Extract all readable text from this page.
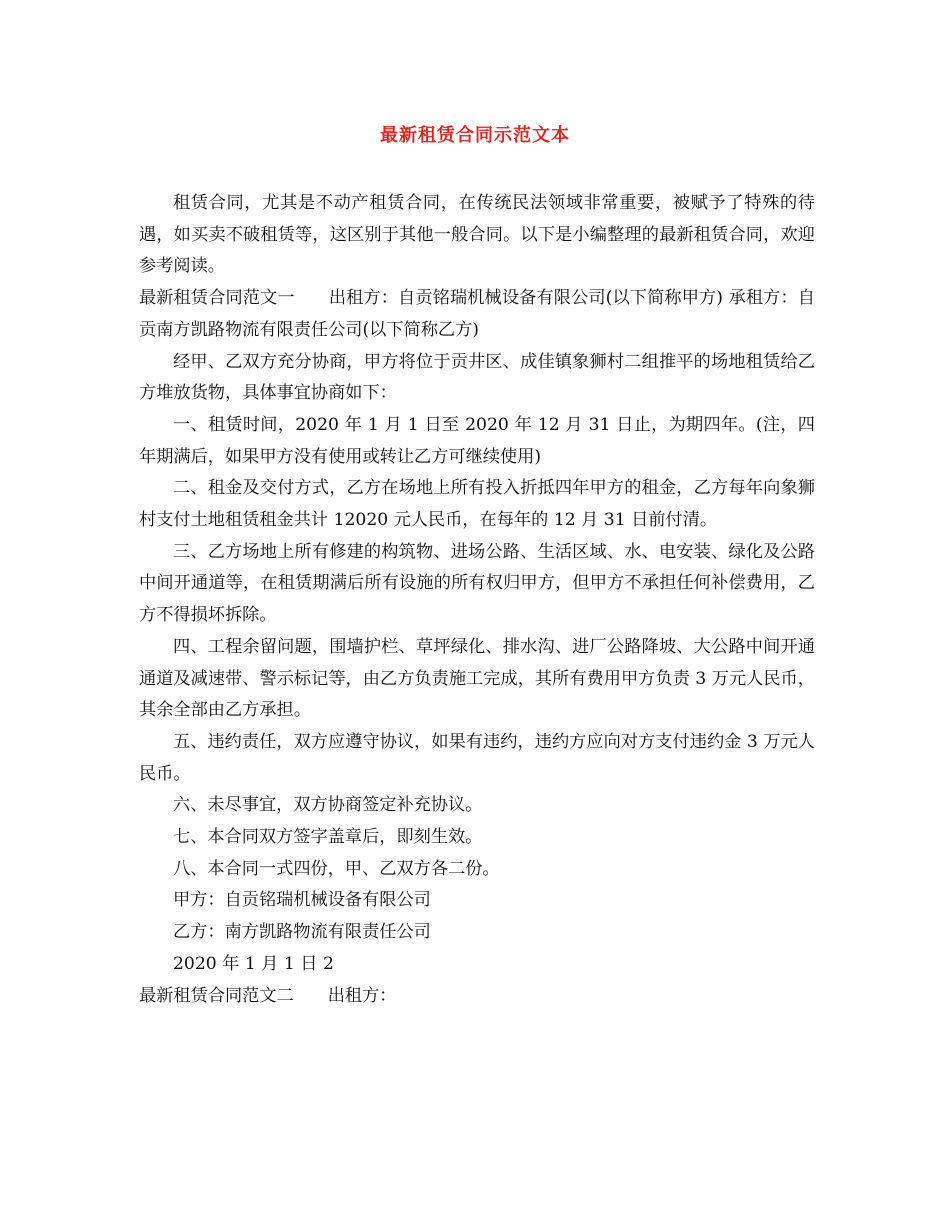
最新租赁合同示范文本

租赁合同，尤其是不动产租赁合同，在传统民法领域非常重要，被赋予了特殊的待遇，如买卖不破租赁等，这区别于其他一般合同。以下是小编整理的最新租赁合同，欢迎参考阅读。

最新租赁合同范文一 出租方：自贡铭瑞机械设备有限公司(以下简称甲方) 承租方：自贡南方凯路物流有限责任公司(以下简称乙方)

经甲、乙双方充分协商，甲方将位于贡井区、成佳镇象狮村二组推平的场地租赁给乙方堆放货物，具体事宜协商如下：

一、租赁时间，2020 年 1 月 1 日至 2020 年 12 月 31 日止，为期四年。(注，四年期满后，如果甲方没有使用或转让乙方可继续使用)

二、租金及交付方式，乙方在场地上所有投入折抵四年甲方的租金，乙方每年向象狮村支付土地租赁租金共计 12020 元人民币，在每年的 12 月 31 日前付清。

三、乙方场地上所有修建的构筑物、进场公路、生活区域、水、电安装、绿化及公路中间开通道等，在租赁期满后所有设施的所有权归甲方，但甲方不承担任何补偿费用，乙方不得损坏拆除。

四、工程余留问题，围墙护栏、草坪绿化、排水沟、进厂公路降坡、大公路中间开通通道及减速带、警示标记等，由乙方负责施工完成，其所有费用甲方负责 3 万元人民币，其余全部由乙方承担。

五、违约责任，双方应遵守协议，如果有违约，违约方应向对方支付违约金 3 万元人民币。

六、未尽事宜，双方协商签定补充协议。

七、本合同双方签字盖章后，即刻生效。

八、本合同一式四份，甲、乙双方各二份。

甲方：自贡铭瑞机械设备有限公司

乙方：南方凯路物流有限责任公司

2020 年 1 月 1 日 2

最新租赁合同范文二 出租方：
